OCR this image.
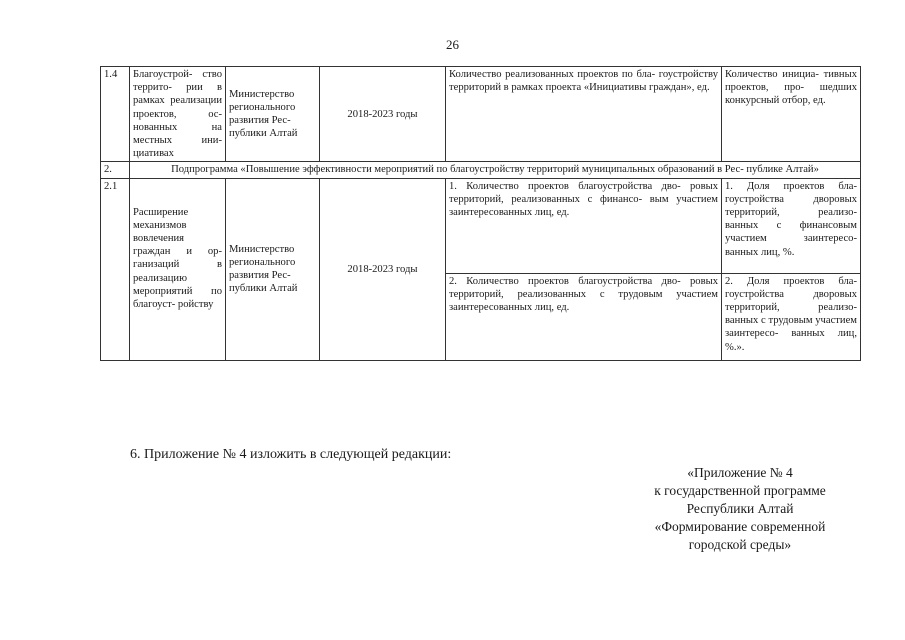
26
1.4	Благоустрой- ство террито- рии в рамках реализации проектов, ос- нованных на местных ини- циативах	Министерство регионального развития Рес- публики Алтай	2018-2023 годы	Количество реализованных проектов по бла- гоустройству территорий в рамках проекта «Инициативы граждан», ед.	Количество инициа- тивных проектов, про- шедших конкурсный отбор, ед.
2.	Подпрограмма «Повышение эффективности мероприятий по благоустройству территорий муниципальных образований в Рес- публике Алтай»				
2.1	Расширение механизмов вовлечения граждан и ор- ганизаций в реализацию мероприятий по благоуст- ройству	Министерство регионального развития Рес- публики Алтай	2018-2023 годы	1. Количество проектов благоустройства дво- ровых территорий, реализованных с финансо- вым участием заинтересованных лиц, ед.	1. Доля проектов бла- гоустройства дворовых территорий, реализо- ванных с финансовым участием заинтересо- ванных лиц, %.
				2. Количество проектов благоустройства дво- ровых территорий, реализованных с трудовым участием заинтересованных лиц, ед.	2. Доля проектов бла- гоустройства дворовых территорий, реализо- ванных с трудовым участием заинтересо- ванных лиц, %.».
6. Приложение № 4 изложить в следующей редакции:
«Приложение № 4
к государственной программе
Республики Алтай
«Формирование современной
городской среды»
